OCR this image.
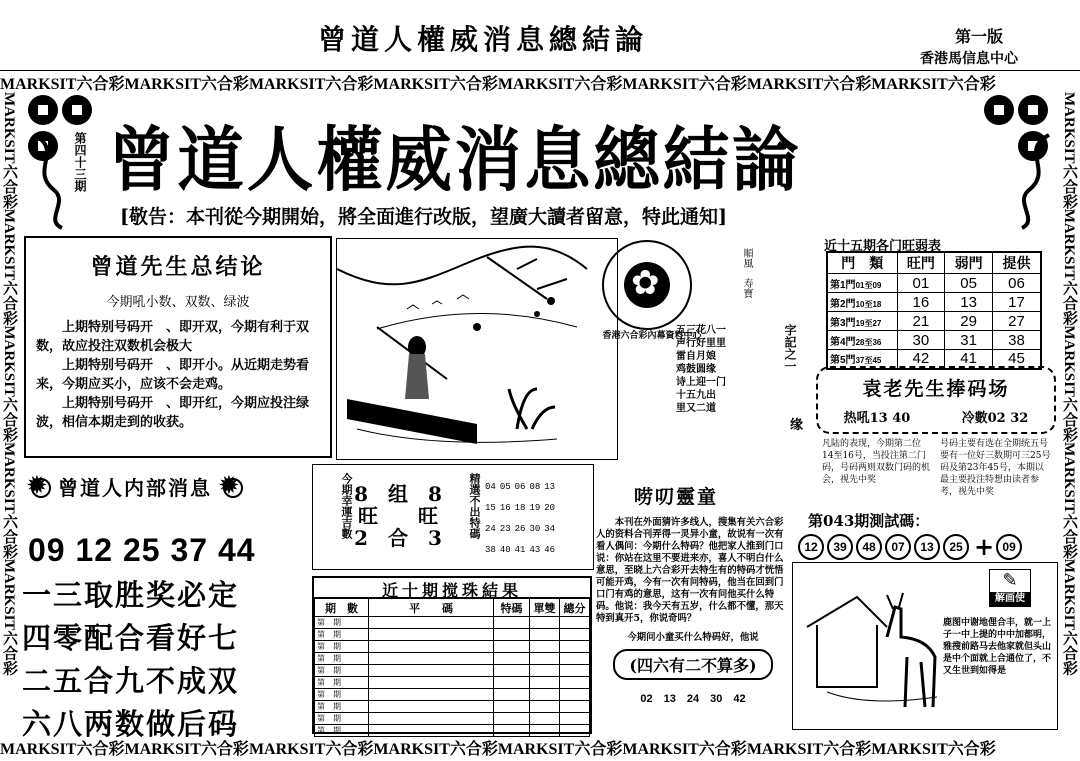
曾道人權威消息總結論	第一版
香港馬信息中心
MARKSIT六合彩MARKSIT六合彩MARKSIT六合彩MARKSIT六合彩MARKSIT六合彩MARKSIT六合彩MARKSIT六合彩MARKSIT六合彩
MARKSIT六合彩MARKSIT六合彩MARKSIT六合彩MARKSIT六合彩MARKSIT六合彩MARKSIT六合彩MARKSIT六合彩MARKSIT六合彩
MARKSIT六合彩MARKSIT六合彩MARKSIT六合彩MARKSIT六合彩MARKSIT六合彩
MARKSIT六合彩MARKSIT六合彩MARKSIT六合彩MARKSIT六合彩MARKSIT六合彩

第四十三期 曾道人權威消息總結論
[敬告：本刊從今期開始，將全面進行改版，望廣大讀者留意，特此通知]
曾道先生总结论
今期吼小数、双数、绿波
上期特别号码开　、即开双，今期有利于双数，故应投注双数机会极大
上期特别号码开　、即开小。从近期走势看来，今期应买小，应该不会走鸡。
上期特别号码开　、即开红，今期应投注绿波，相信本期走到的收获。
✿
香港六合彩內幕資料中心
順風　寿寶
字記之一
五三花八一
声行好里里
雷自月娘
鸡鼓圆缘
诗上迎一门
十五九出
里又二道
缘
近十五期各门旺弱表
門　類	旺門	弱門	提供
第1門01至09	01	05	06
第2門10至18	16	13	17
第3門19至27	21	29	27
第4門28至36	30	31	38
第5門37至45	42	41	45
袁老先生捧码场
热吼13 40	冷數02 32
凡陆的表现，今期第二位14至16号，当投注第二门码，号码两则双数门码的机会，视先中奖
号码主要有选在全期统五号要有一位好三数期可三25号码及第23年45号，本期以最主要投注特想由读者参考，视先中奖
✹
曾道人内部消息
✹
09 12 25 37 44
一三取胜奖必定
四零配合看好七
二五合九不成双
六八两数做后码
今期幸運吉數 8　 组　 8
旺　　 旺
2　 合　 3	精選不出特碼 04 05 06 08 13
15 16 18 19 20
24 23 26 30 34
38 40 41 43 46
近十期搅珠結果
期　數	平　　碼	特碼	單雙	總分
第　期				
第　期				
第　期				
第　期				
第　期				
第　期				
第　期				
第　期				
第　期				
第　期				
唠叨靈童
本刊在外面猜许多线人，搜集有关六合彩人的资料合刊弄得一灵异小童，故说有一次有看人偶问：今期什么特码？他把家人推到门口说：你站在这里不要进来亦，喜人不明白什么意思，至晓上六合彩开去特生有的特码才恍悟可能开鸡，今有一次有问特码，他当在回到门口门有鸡的意思，这有一次有问他买什么特码。他说：我今天有五岁，什么都不懂，那天特到真开5，你说奇吗？
今期问小童买什么特码好，他说
(四六有二不算多)
02　13　24　30　42
第043期測試碼：
12 39 48 07 13 25 + 09
✎
解画使
鹿图中谢地俚合丰，就一上子一中上提的中中加都明，雅搜前路马去他家就但头山是中个面就上合通位了，不又生世到如得是
